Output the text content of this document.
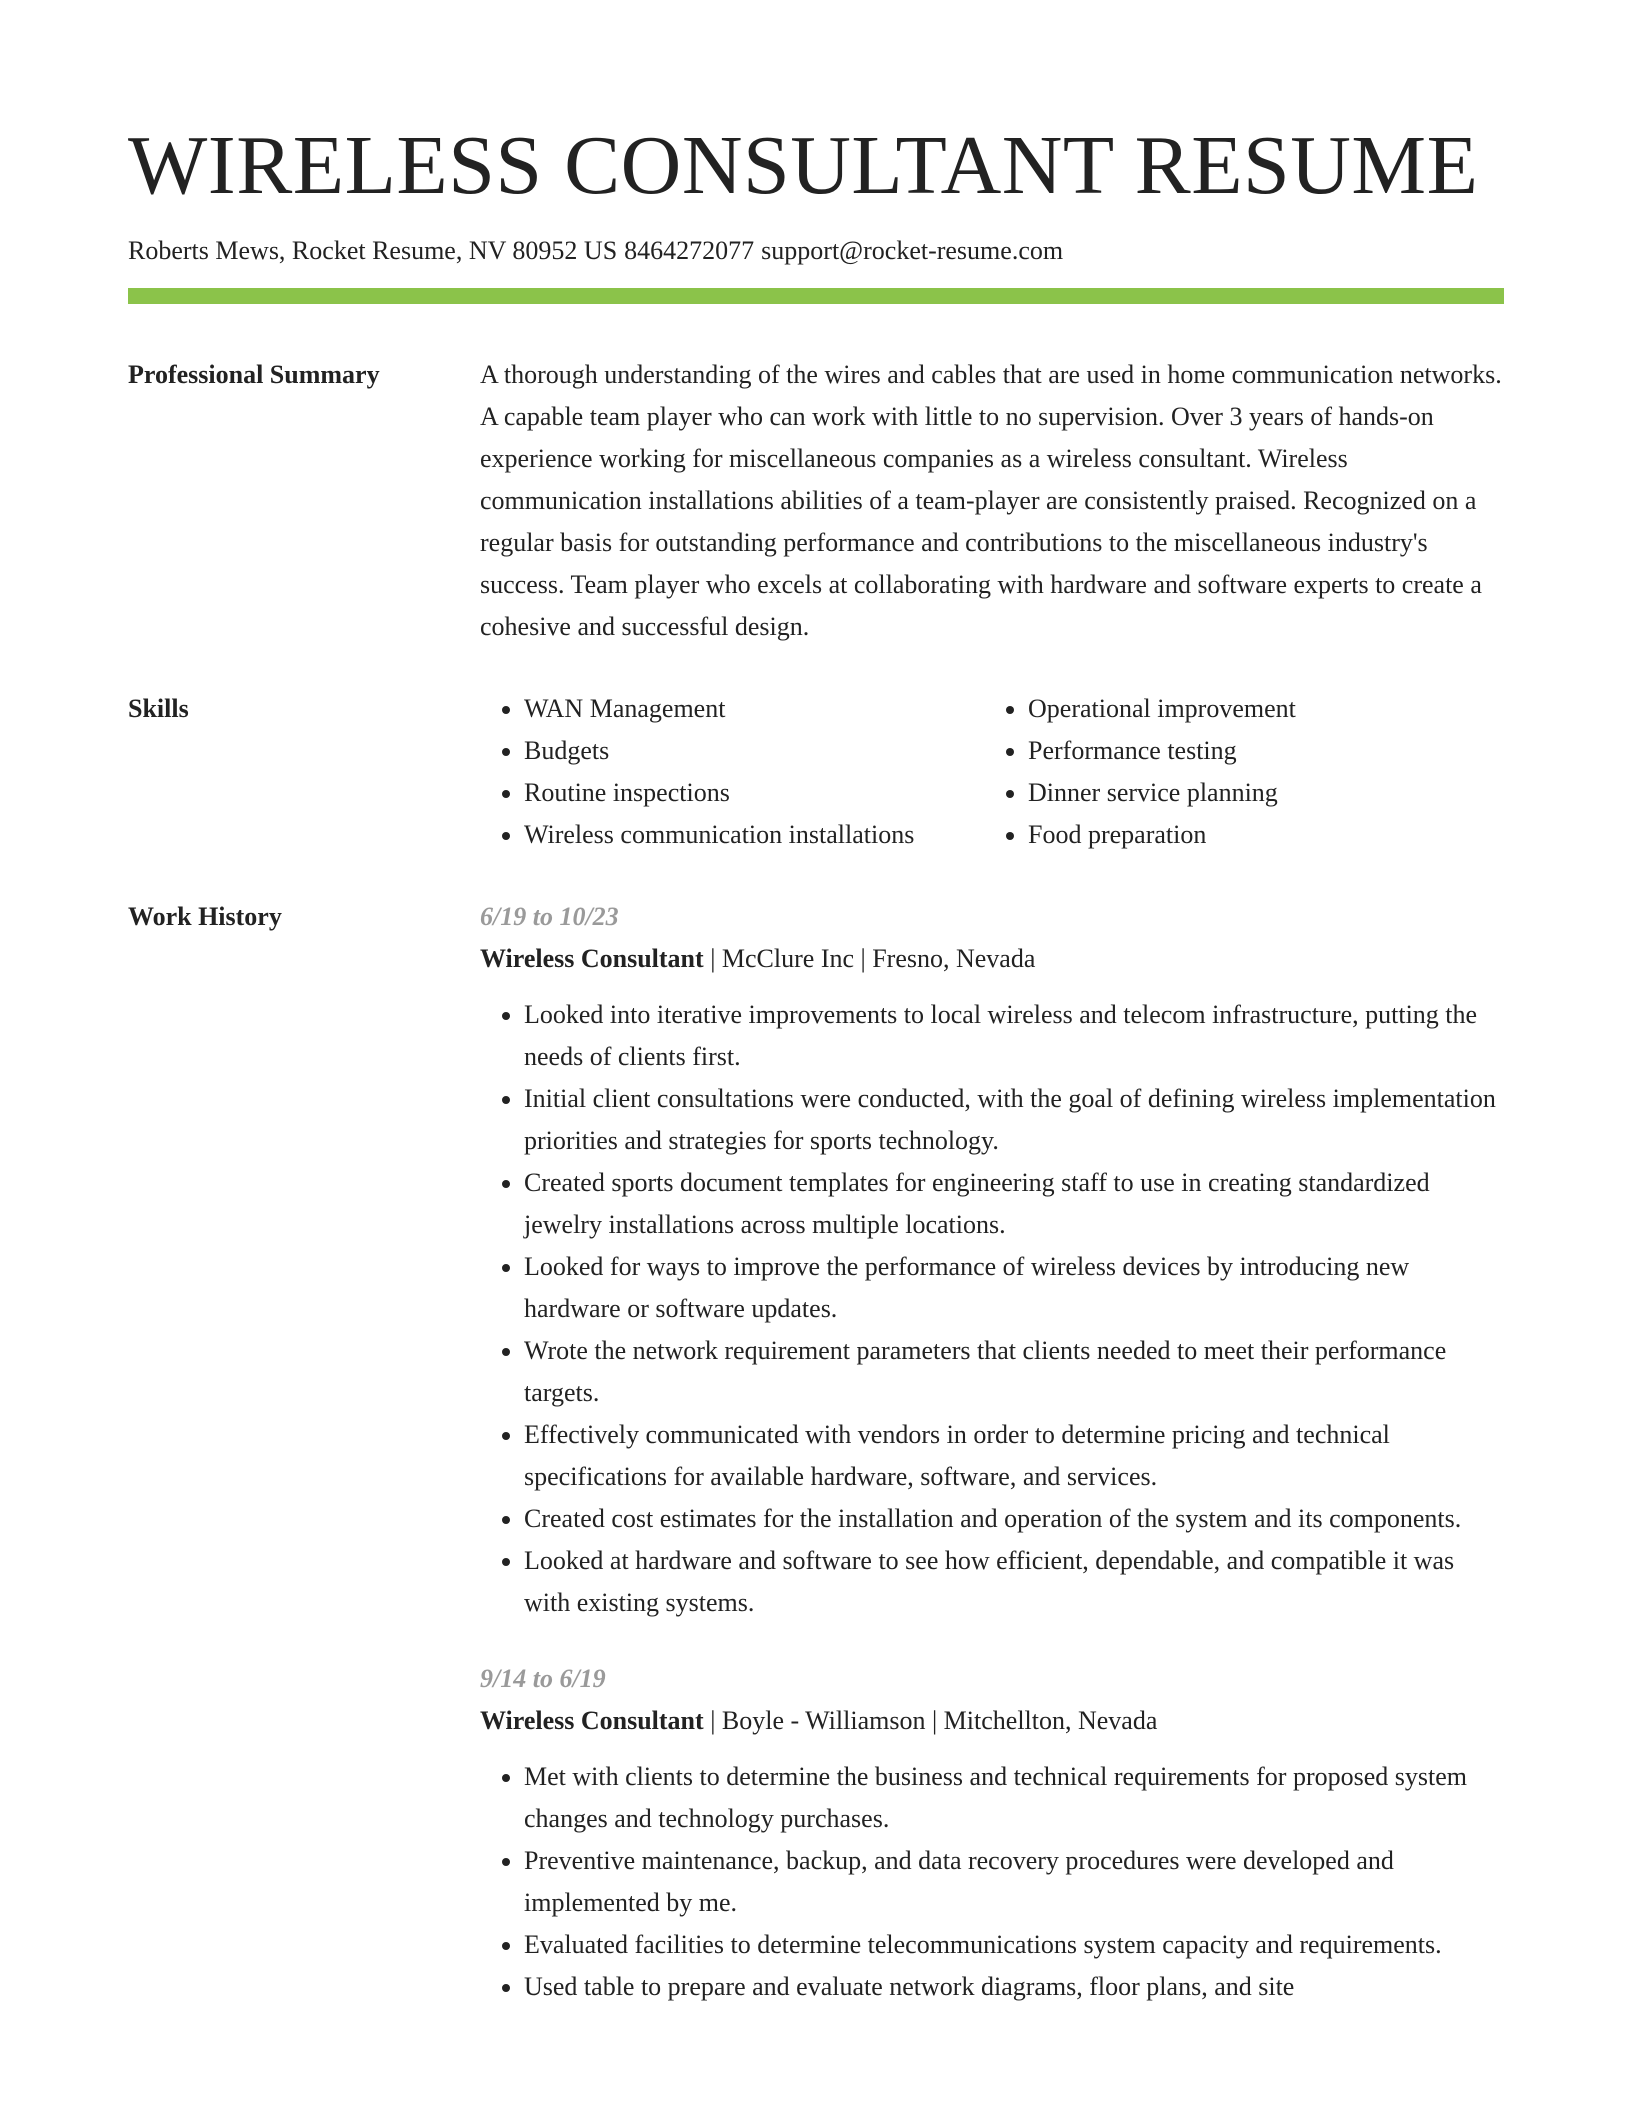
WIRELESS CONSULTANT RESUME
Roberts Mews, Rocket Resume, NV 80952 US 8464272077 support@rocket-resume.com
Professional Summary	A thorough understanding of the wires and cables that are used in home communication networks. A capable team player who can work with little to no supervision. Over 3 years of hands-on experience working for miscellaneous companies as a wireless consultant. Wireless communication installations abilities of a team-player are consistently praised. Recognized on a regular basis for outstanding performance and contributions to the miscellaneous industry's success. Team player who excels at collaborating with hardware and software experts to create a cohesive and successful design.

Skills
•	WAN Management
• Budgets
• Routine inspections
• Wireless communication installations
• Operational improvement
• Performance testing
• Dinner service planning
• Food preparation
Work History	6/19 to 10/23
Wireless Consultant | McClure Inc | Fresno, Nevada
• Looked into iterative improvements to local wireless and telecom infrastructure, putting the needs of clients first.
• Initial client consultations were conducted, with the goal of defining wireless implementation priorities and strategies for sports technology.
• Created sports document templates for engineering staff to use in creating standardized jewelry installations across multiple locations.
• Looked for ways to improve the performance of wireless devices by introducing new hardware or software updates.
• Wrote the network requirement parameters that clients needed to meet their performance targets.
• Effectively communicated with vendors in order to determine pricing and technical specifications for available hardware, software, and services.
• Created cost estimates for the installation and operation of the system and its components.
• Looked at hardware and software to see how efficient, dependable, and compatible it was with existing systems.
9/14 to 6/19
Wireless Consultant | Boyle - Williamson | Mitchellton, Nevada
• Met with clients to determine the business and technical requirements for proposed system changes and technology purchases.
• Preventive maintenance, backup, and data recovery procedures were developed and implemented by me.
• Evaluated facilities to determine telecommunications system capacity and requirements.
• Used table to prepare and evaluate network diagrams, floor plans, and site
